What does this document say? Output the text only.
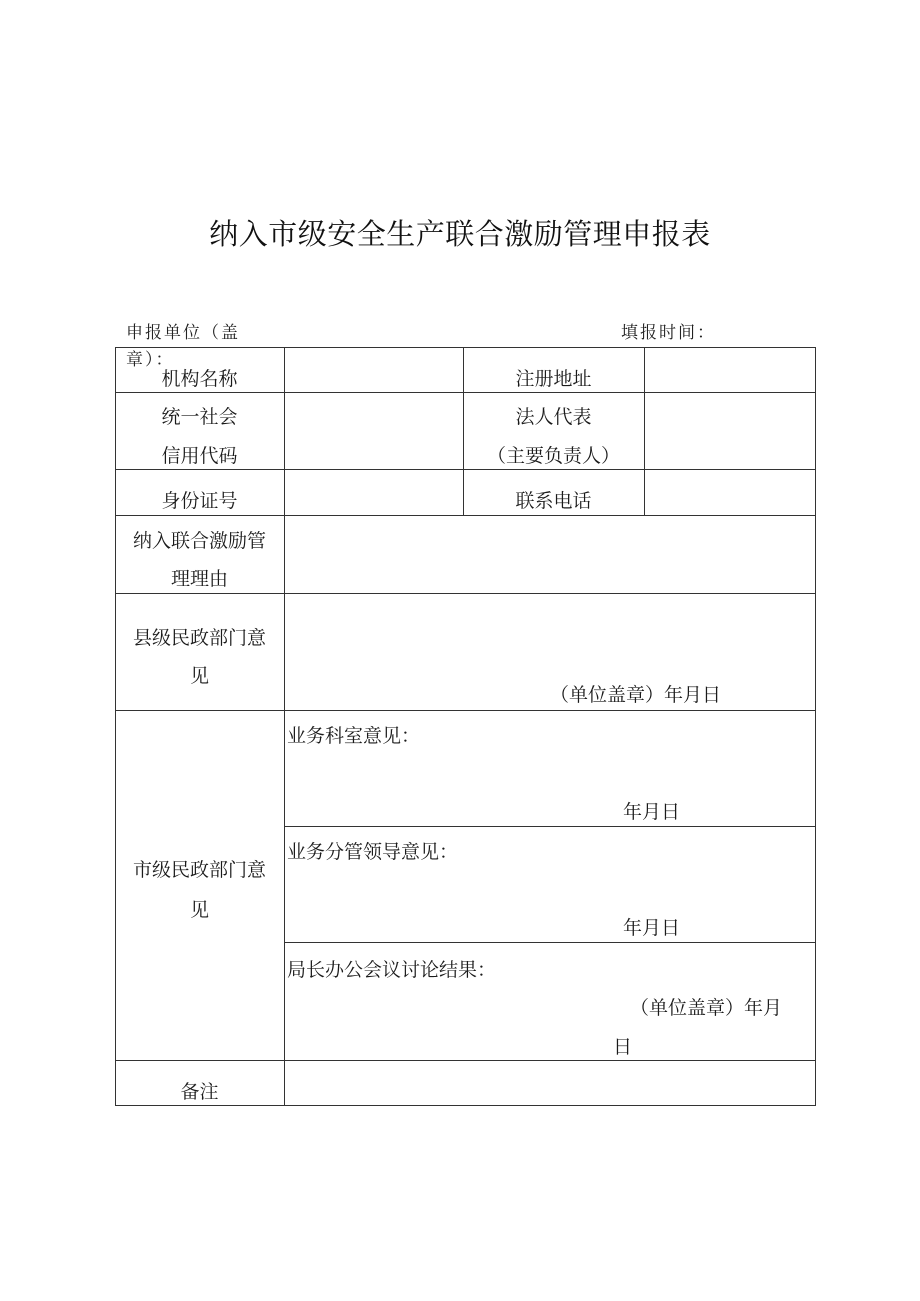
纳入市级安全生产联合激励管理申报表
申报单位（盖章）：
填报时间：
机构名称	注册地址
统一社会
信用代码
法人代表
（主要负责人）
身份证号	联系电话
纳入联合激励管
理理由
县级民政部门意
见
（单位盖章）年月日
市级民政部门意
见
业务科室意见：
年月日
业务分管领导意见：
年月日
局长办公会议讨论结果：
（单位盖章）年月
日
备注
